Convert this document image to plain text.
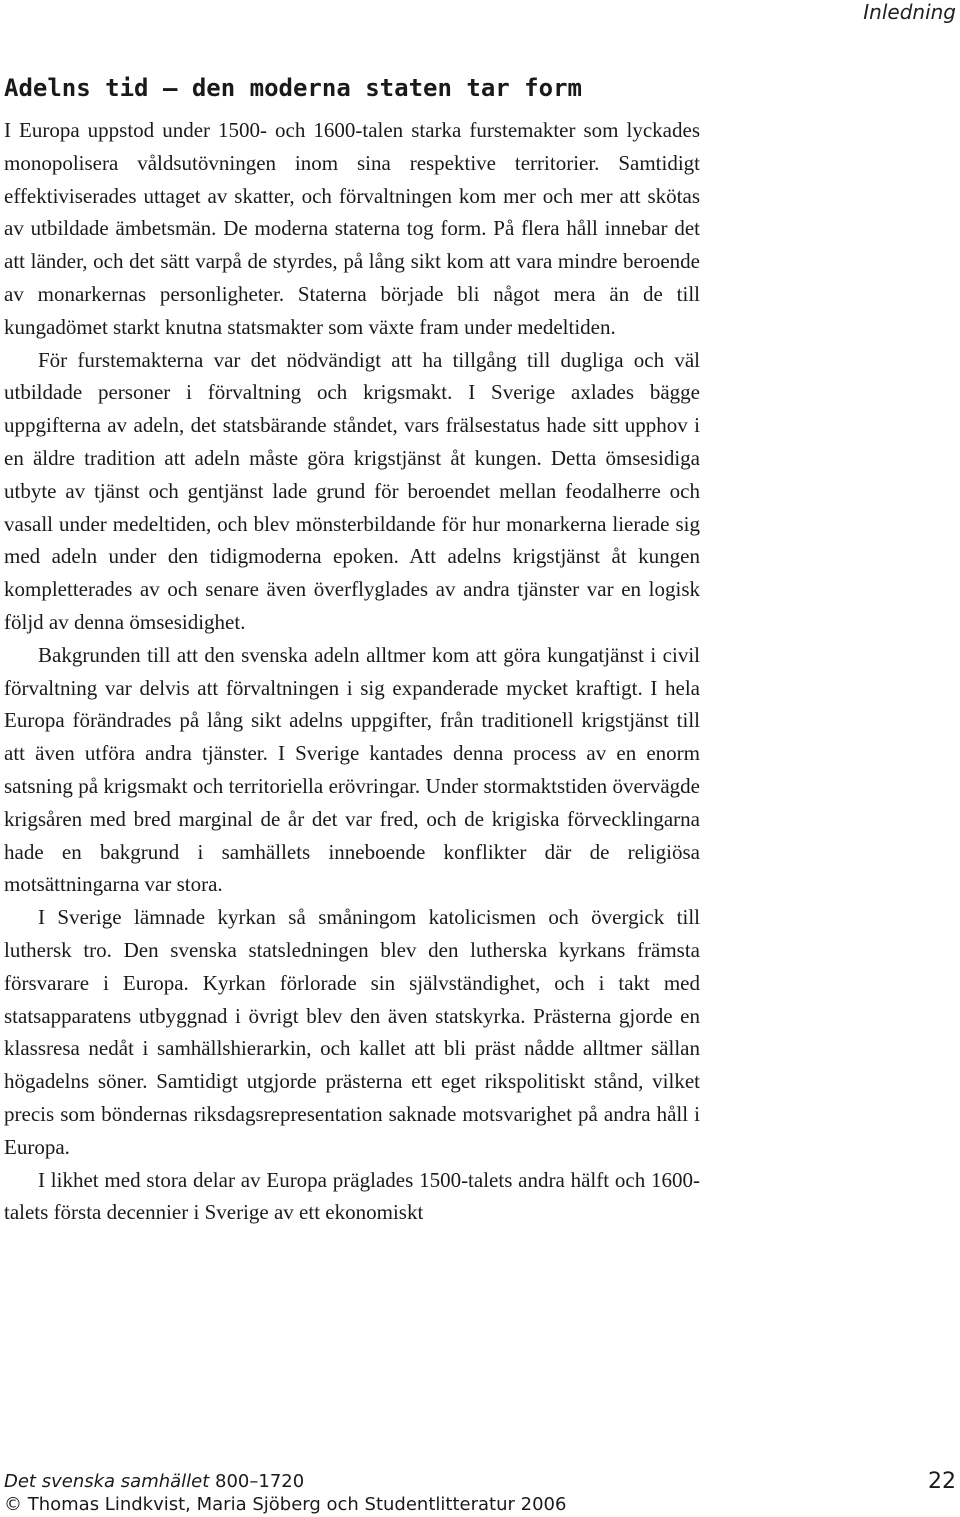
Inledning
Adelns tid – den moderna staten tar form

I Europa uppstod under 1500- och 1600-talen starka furstemakter som lyckades monopolisera våldsutövningen inom sina respektive territorier. Samtidigt effektiviserades uttaget av skatter, och förvaltningen kom mer och mer att skötas av utbildade ämbetsmän. De moderna staterna tog form. På flera håll innebar det att länder, och det sätt varpå de styrdes, på lång sikt kom att vara mindre beroende av monarkernas personligheter. Staterna började bli något mera än de till kungadömet starkt knutna statsmakter som växte fram under medeltiden.

För furstemakterna var det nödvändigt att ha tillgång till dugliga och väl utbildade personer i förvaltning och krigsmakt. I Sverige axlades bägge uppgifterna av adeln, det statsbärande ståndet, vars frälsestatus hade sitt upphov i en äldre tradition att adeln måste göra krigstjänst åt kungen. Detta ömsesidiga utbyte av tjänst och gentjänst lade grund för beroendet mellan feodalherre och vasall under medeltiden, och blev mönsterbildande för hur monarkerna lierade sig med adeln under den tidigmoderna epoken. Att adelns krigstjänst åt kungen kompletterades av och senare även överflyglades av andra tjänster var en logisk följd av denna ömsesidighet.

Bakgrunden till att den svenska adeln alltmer kom att göra kungatjänst i civil förvaltning var delvis att förvaltningen i sig expanderade mycket kraftigt. I hela Europa förändrades på lång sikt adelns uppgifter, från traditionell krigstjänst till att även utföra andra tjänster. I Sverige kantades denna process av en enorm satsning på krigsmakt och territoriella erövringar. Under stormaktstiden övervägde krigsåren med bred marginal de år det var fred, och de krigiska förvecklingarna hade en bakgrund i samhällets inneboende konflikter där de religiösa motsättningarna var stora.

I Sverige lämnade kyrkan så småningom katolicismen och övergick till luthersk tro. Den svenska statsledningen blev den lutherska kyrkans främsta försvarare i Europa. Kyrkan förlorade sin självständighet, och i takt med statsapparatens utbyggnad i övrigt blev den även statskyrka. Prästerna gjorde en klassresa nedåt i samhällshierarkin, och kallet att bli präst nådde alltmer sällan högadelns söner. Samtidigt utgjorde prästerna ett eget rikspolitiskt stånd, vilket precis som böndernas riksdagsrepresentation saknade motsvarighet på andra håll i Europa.

I likhet med stora delar av Europa präglades 1500-talets andra hälft och 1600-talets första decennier i Sverige av ett ekonomiskt

Det svenska samhället 800–1720
© Thomas Lindkvist, Maria Sjöberg och Studentlitteratur 2006
22
